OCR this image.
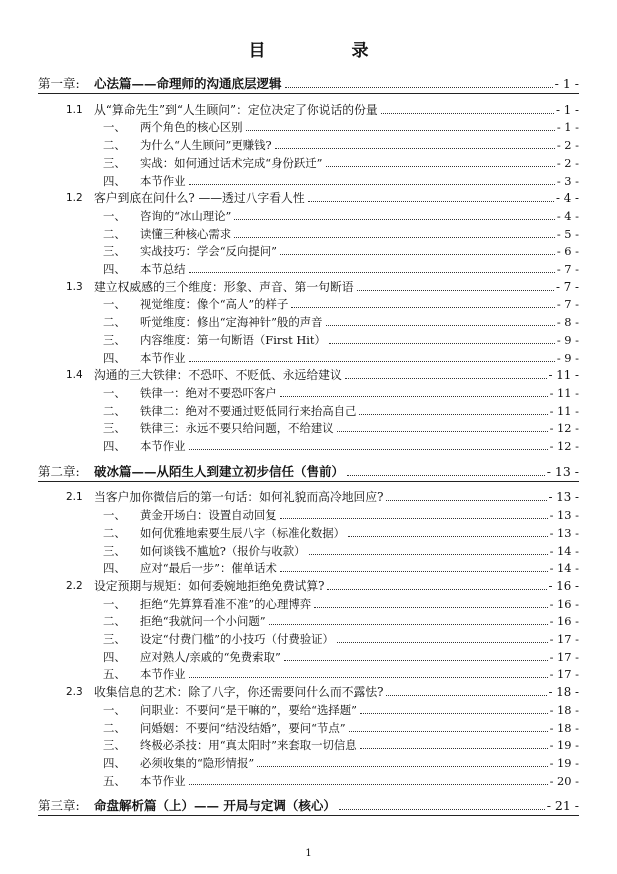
目 录
第一章:	心法篇——命理师的沟通底层逻辑	- 1 -
1.1 从“算命先生”到“人生顾问”：定位决定了你说话的份量	- 1 -
一、	两个角色的核心区别	- 1 -
二、	为什么“人生顾问”更赚钱?	- 2 -
三、	实战：如何通过话术完成“身份跃迁”	- 2 -
四、	本节作业	- 3 -
1.2 客户到底在问什么? ——透过八字看人性	- 4 -
一、	咨询的“冰山理论”	- 4 -
二、	读懂三种核心需求	- 5 -
三、	实战技巧：学会“反向提问”	- 6 -
四、	本节总结	- 7 -
1.3 建立权威感的三个维度：形象、声音、第一句断语	- 7 -
一、	视觉维度：像个“高人”的样子	- 7 -
二、	听觉维度：修出“定海神针”般的声音	- 8 -
三、	内容维度：第一句断语（First Hit）	- 9 -
四、	本节作业	- 9 -
1.4 沟通的三大铁律：不恐吓、不贬低、永远给建议	- 11 -
一、	铁律一：绝对不要恐吓客户	- 11 -
二、	铁律二：绝对不要通过贬低同行来抬高自己	- 11 -
三、	铁律三：永远不要只给问题，不给建议	- 12 -
四、	本节作业	- 12 -
第二章:	破冰篇——从陌生人到建立初步信任（售前）	- 13 -
2.1 当客户加你微信后的第一句话：如何礼貌而高冷地回应?	- 13 -
一、	黄金开场白：设置自动回复	- 13 -
二、	如何优雅地索要生辰八字（标准化数据）	- 13 -
三、	如何谈钱不尴尬?（报价与收款）	- 14 -
四、	应对“最后一步”：催单话术	- 14 -
2.2 设定预期与规矩：如何委婉地拒绝免费试算?	- 16 -
一、	拒绝“先算算看准不准”的心理博弈	- 16 -
二、	拒绝“我就问一个小问题”	- 16 -
三、	设定“付费门槛”的小技巧（付费验证）	- 17 -
四、	应对熟人/亲戚的“免费索取”	- 17 -
五、	本节作业	- 17 -
2.3 收集信息的艺术：除了八字，你还需要问什么而不露怯?	- 18 -
一、	问职业：不要问“是干嘛的”，要给“选择题”	- 18 -
二、	问婚姻：不要问“结没结婚”，要问“节点”	- 18 -
三、	终极必杀技：用“真太阳时”来套取一切信息	- 19 -
四、	必须收集的“隐形情报”	- 19 -
五、	本节作业	- 20 -
第三章:	命盘解析篇（上）—— 开局与定调（核心）	- 21 -
1
